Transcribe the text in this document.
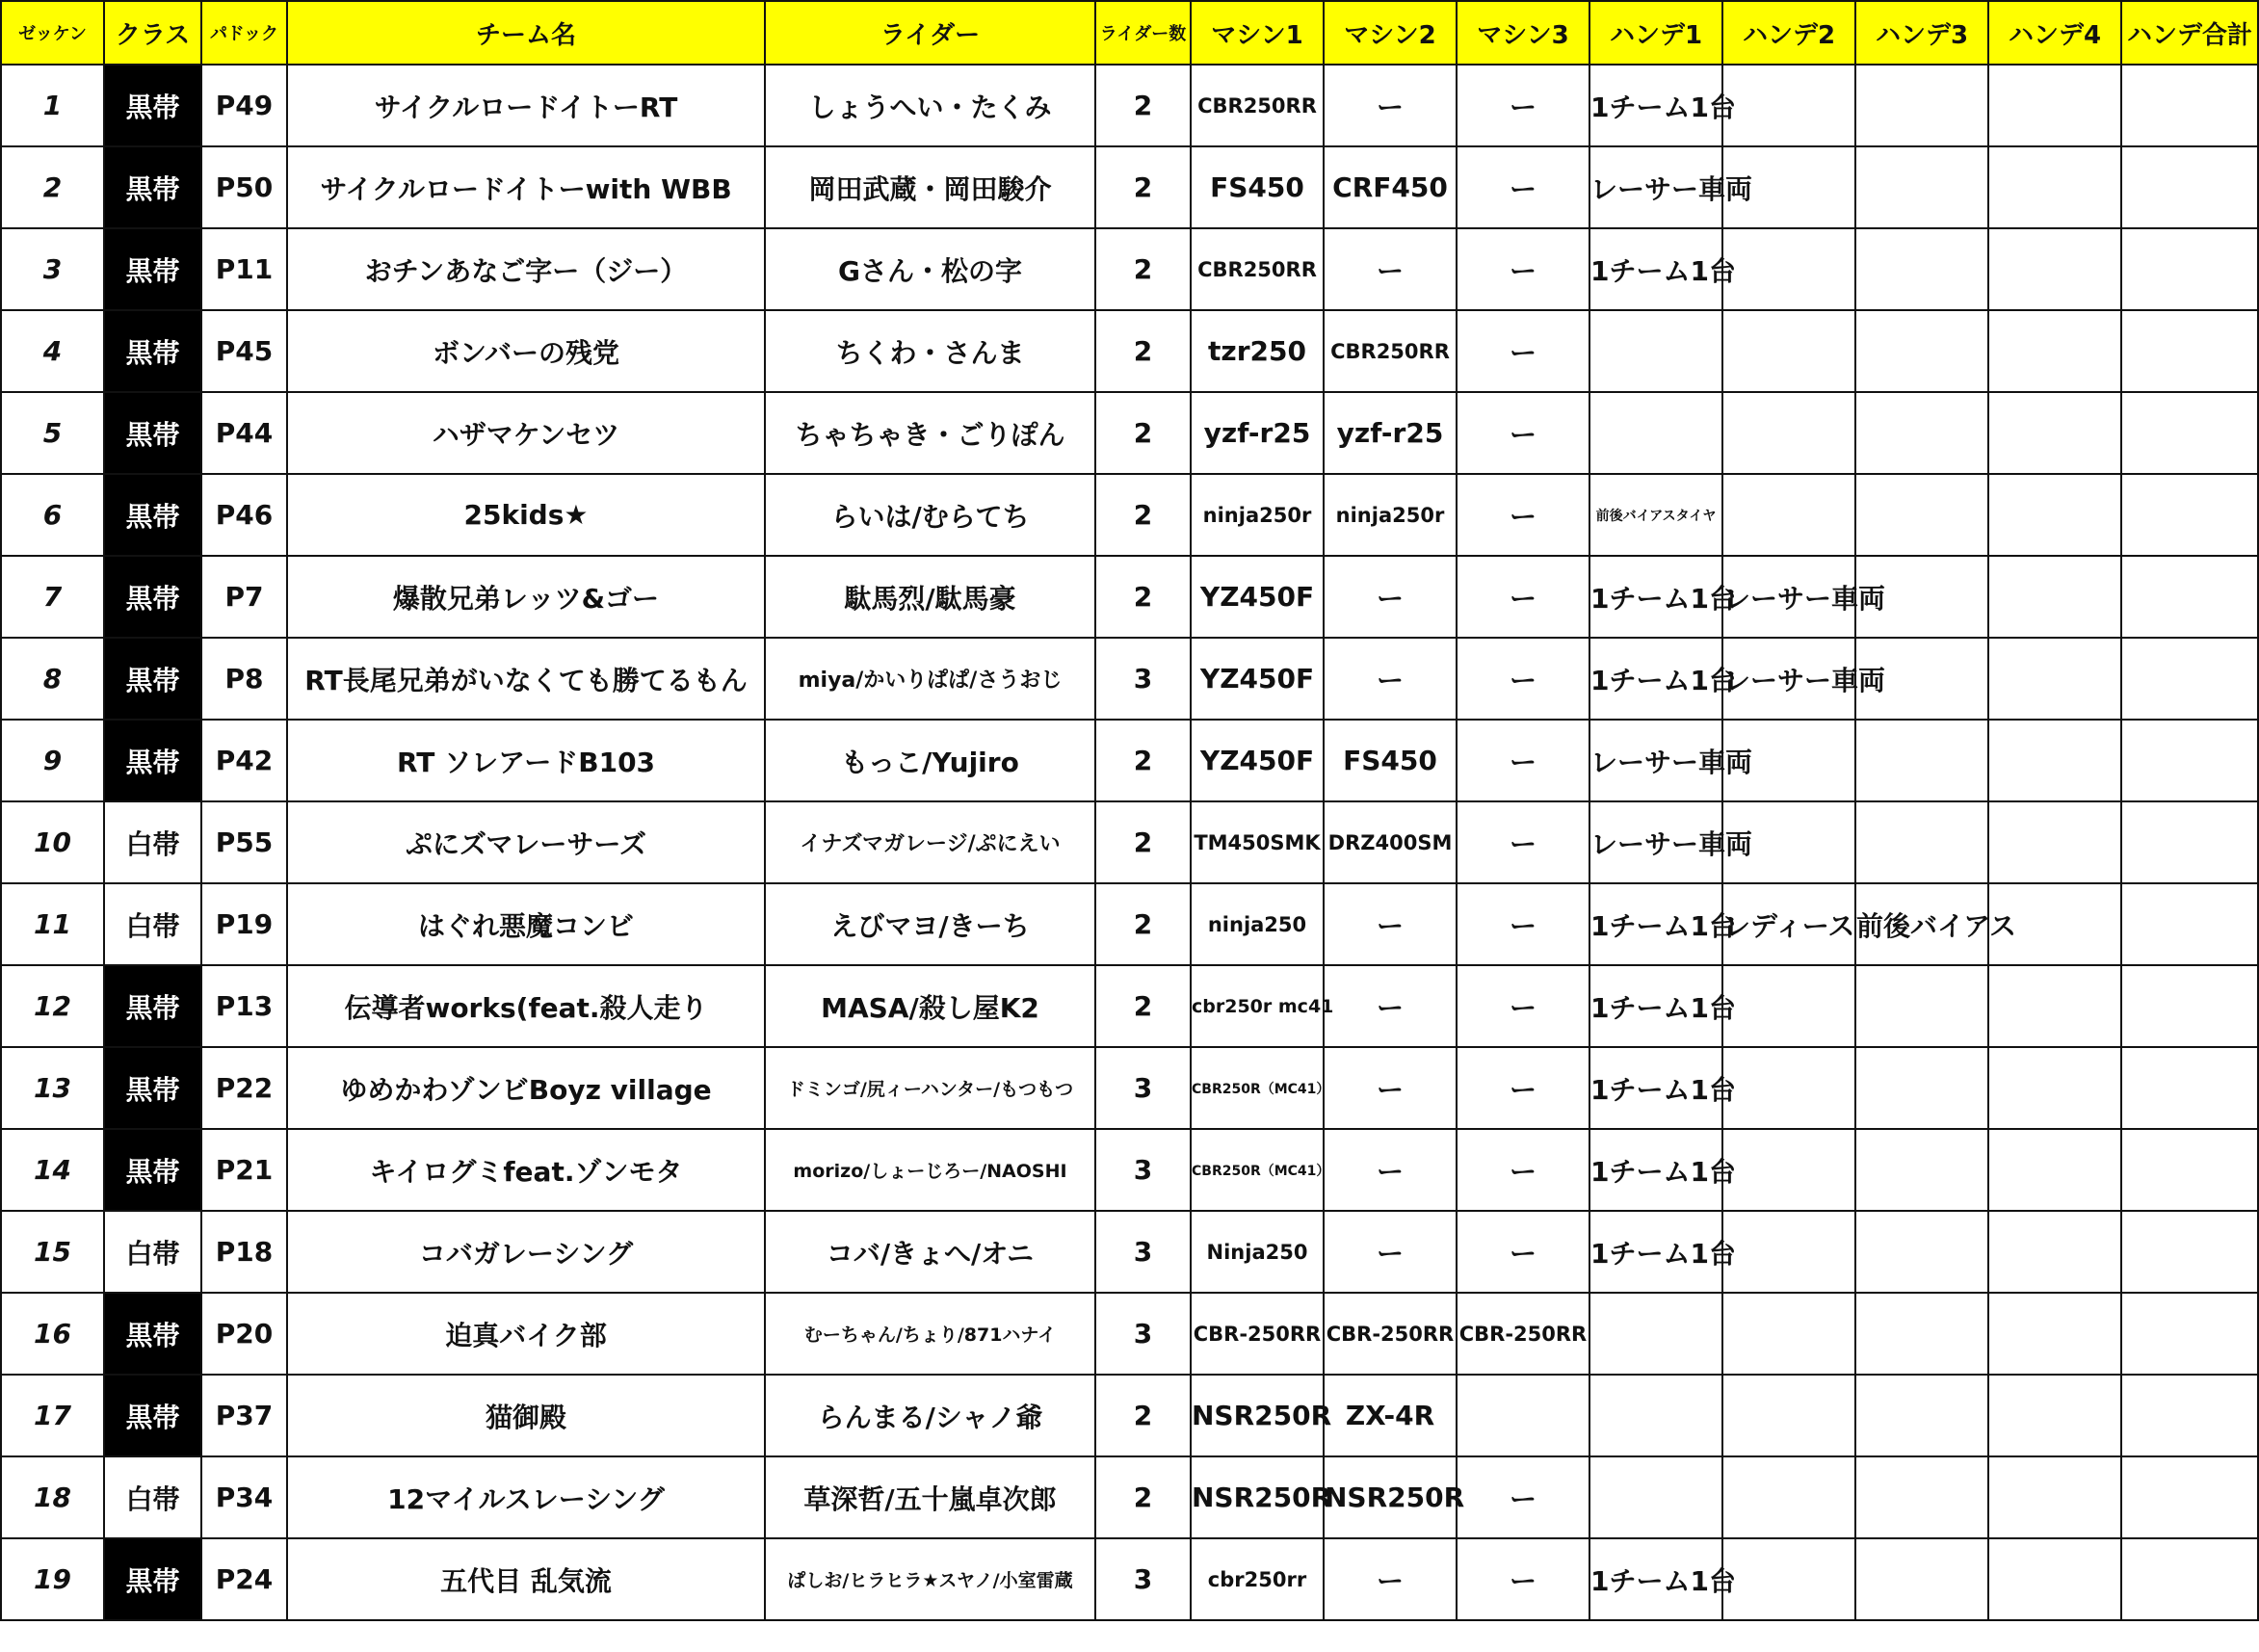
ゼッケン	クラス	パドック	チーム名	ライダー	ライダー数	マシン1	マシン2	マシン3	ハンデ1	ハンデ2	ハンデ3	ハンデ4	ハンデ合計
1	黒帯	P49	サイクルロードイトーRT	しょうへい・たくみ	2	CBR250RR	ー	ー	1チーム1台				
2	黒帯	P50	サイクルロードイトーwith WBB	岡田武蔵・岡田駿介	2	FS450	CRF450	ー	レーサー車両				
3	黒帯	P11	おチンあなご字ー（ジー）	Gさん・松の字	2	CBR250RR	ー	ー	1チーム1台				
4	黒帯	P45	ボンバーの残党	ちくわ・さんま	2	tzr250	CBR250RR	ー					
5	黒帯	P44	ハザマケンセツ	ちゃちゃき・ごりぽん	2	yzf-r25	yzf-r25	ー					
6	黒帯	P46	25kids★	らいは/むらてち	2	ninja250r	ninja250r	ー	前後バイアスタイヤ				
7	黒帯	P7	爆散兄弟レッツ&ゴー	駄馬烈/駄馬豪	2	YZ450F	ー	ー	1チーム1台	レーサー車両			
8	黒帯	P8	RT長尾兄弟がいなくても勝てるもん	miya/かいりぱぱ/さうおじ	3	YZ450F	ー	ー	1チーム1台	レーサー車両			
9	黒帯	P42	RT ソレアードB103	もっこ/Yujiro	2	YZ450F	FS450	ー	レーサー車両				
10	白帯	P55	ぷにズマレーサーズ	イナズマガレージ/ぷにえい	2	TM450SMK	DRZ400SM	ー	レーサー車両				
11	白帯	P19	はぐれ悪魔コンビ	えびマヨ/きーち	2	ninja250	ー	ー	1チーム1台	レディース	前後バイアス		
12	黒帯	P13	伝導者works(feat.殺人走り	MASA/殺し屋K2	2	cbr250r mc41	ー	ー	1チーム1台				
13	黒帯	P22	ゆめかわゾンビBoyz village	ドミンゴ/尻ィーハンター/もつもつ	3	CBR250R（MC41）	ー	ー	1チーム1台				
14	黒帯	P21	キイログミfeat.ゾンモタ	morizo/しょーじろー/NAOSHI	3	CBR250R（MC41）	ー	ー	1チーム1台				
15	白帯	P18	コバガレーシング	コバ/きょへ/オニ	3	Ninja250	ー	ー	1チーム1台				
16	黒帯	P20	迫真バイク部	むーちゃん/ちょり/871ハナイ	3	CBR-250RR	CBR-250RR	CBR-250RR					
17	黒帯	P37	猫御殿	らんまる/シャノ爺	2	NSR250R	ZX-4R						
18	白帯	P34	12マイルスレーシング	草深哲/五十嵐卓次郎	2	NSR250R	NSR250R	ー					
19	黒帯	P24	五代目 乱気流	ぱしお/ヒラヒラ★スヤノ/小室雷蔵	3	cbr250rr	ー	ー	1チーム1台				
